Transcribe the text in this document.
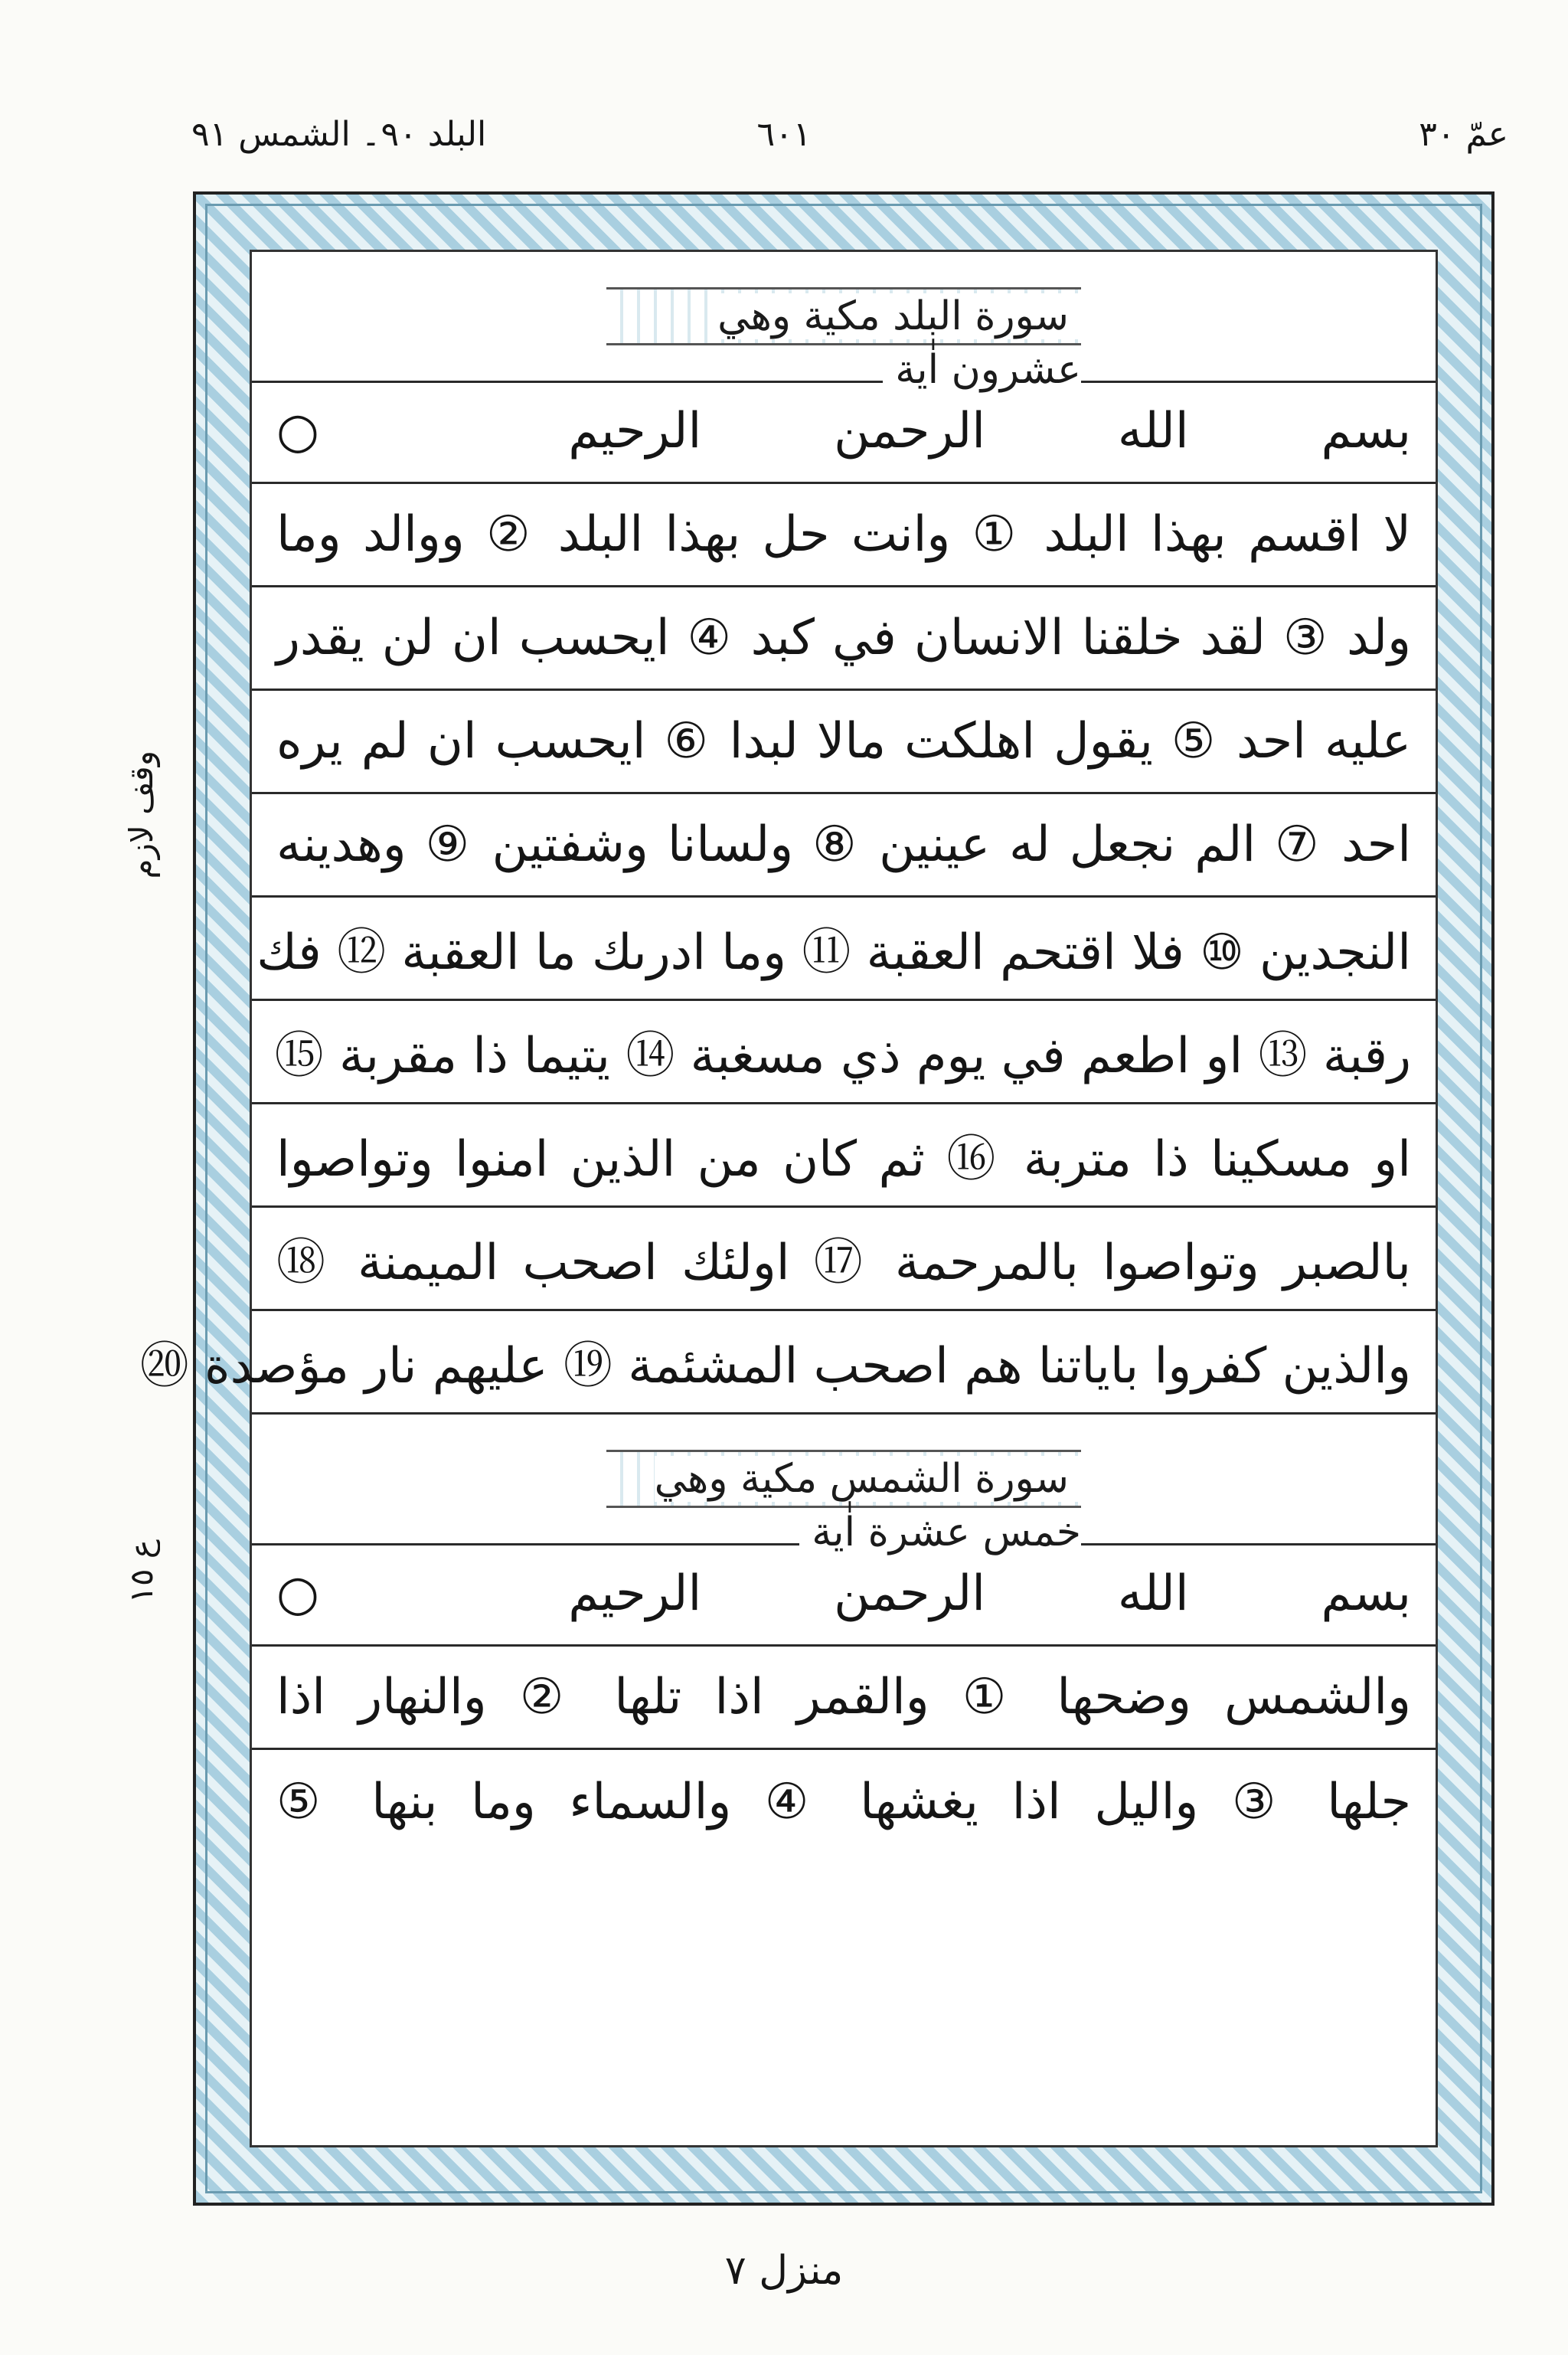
عمّ ٣٠
٦٠١
البلد ٩٠۔ الشمس ٩١
وقف لازم
ع ١٥
سورة البلد مكية وهي عشرون اٰية
بسم الله الرحمن الرحيم ○
لا اقسم بهذا البلد ① وانت حل بهذا البلد ② ووالد وما
ولد ③ لقد خلقنا الانسان في كبد ④ ايحسب ان لن يقدر
عليه احد ⑤ يقول اهلكت مالا لبدا ⑥ ايحسب ان لم يره
احد ⑦ الم نجعل له عينين ⑧ ولسانا وشفتين ⑨ وهدينه
النجدين ⑩ فلا اقتحم العقبة ⑪ وما ادرىك ما العقبة ⑫ فك
رقبة ⑬ او اطعم في يوم ذي مسغبة ⑭ يتيما ذا مقربة ⑮
او مسكينا ذا متربة ⑯ ثم كان من الذين امنوا وتواصوا
بالصبر وتواصوا بالمرحمة ⑰ اولئك اصحب الميمنة ⑱
والذين كفروا باياتنا هم اصحب المشئمة ⑲ عليهم نار مؤصدة ⑳
سورة الشمس مكية وهي خمس عشرة اٰية
بسم الله الرحمن الرحيم ○
والشمس وضحها ① والقمر اذا تلها ② والنهار اذا
جلها ③ واليل اذا يغشها ④ والسماء وما بنها ⑤
منزل ٧
